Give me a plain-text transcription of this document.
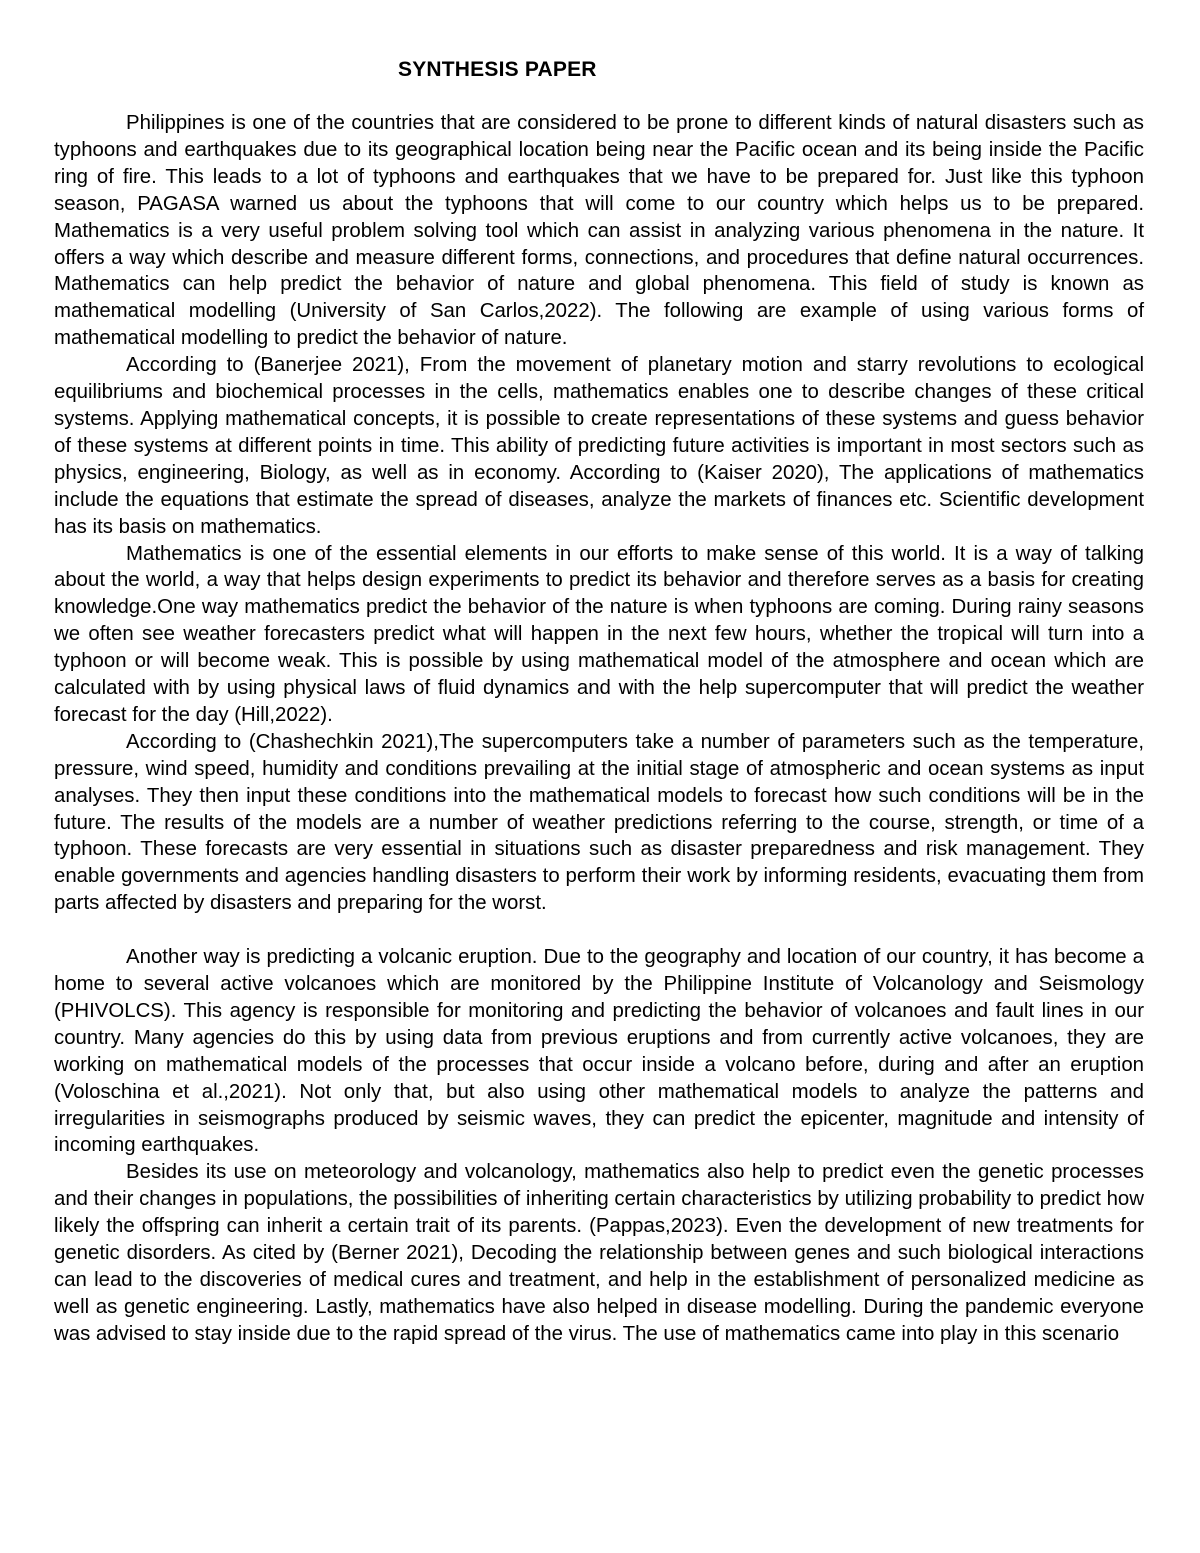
SYNTHESIS PAPER

Philippines is one of the countries that are considered to be prone to different kinds of natural disasters such as typhoons and earthquakes due to its geographical location being near the Pacific ocean and its being inside the Pacific ring of fire. This leads to a lot of typhoons and earthquakes that we have to be prepared for. Just like this typhoon season, PAGASA warned us about the typhoons that will come to our country which helps us to be prepared. Mathematics is a very useful problem solving tool which can assist in analyzing various phenomena in the nature. It offers a way which describe and measure different forms, connections, and procedures that define natural occurrences. Mathematics can help predict the behavior of nature and global phenomena. This field of study is known as mathematical modelling (University of San Carlos,2022). The following are example of using various forms of mathematical modelling to predict the behavior of nature.

According to (Banerjee 2021), From the movement of planetary motion and starry revolutions to ecological equilibriums and biochemical processes in the cells, mathematics enables one to describe changes of these critical systems. Applying mathematical concepts, it is possible to create representations of these systems and guess behavior of these systems at different points in time. This ability of predicting future activities is important in most sectors such as physics, engineering, Biology, as well as in economy. According to (Kaiser 2020), The applications of mathematics include the equations that estimate the spread of diseases, analyze the markets of finances etc. Scientific development has its basis on mathematics.

Mathematics is one of the essential elements in our efforts to make sense of this world. It is a way of talking about the world, a way that helps design experiments to predict its behavior and therefore serves as a basis for creating knowledge.One way mathematics predict the behavior of the nature is when typhoons are coming. During rainy seasons we often see weather forecasters predict what will happen in the next few hours, whether the tropical will turn into a typhoon or will become weak. This is possible by using mathematical model of the atmosphere and ocean which are calculated with by using physical laws of fluid dynamics and with the help supercomputer that will predict the weather forecast for the day (Hill,2022).

According to (Chashechkin 2021),The supercomputers take a number of parameters such as the temperature, pressure, wind speed, humidity and conditions prevailing at the initial stage of atmospheric and ocean systems as input analyses. They then input these conditions into the mathematical models to forecast how such conditions will be in the future. The results of the models are a number of weather predictions referring to the course, strength, or time of a typhoon. These forecasts are very essential in situations such as disaster preparedness and risk management. They enable governments and agencies handling disasters to perform their work by informing residents, evacuating them from parts affected by disasters and preparing for the worst.

Another way is predicting a volcanic eruption. Due to the geography and location of our country, it has become a home to several active volcanoes which are monitored by the Philippine Institute of Volcanology and Seismology (PHIVOLCS). This agency is responsible for monitoring and predicting the behavior of volcanoes and fault lines in our country. Many agencies do this by using data from previous eruptions and from currently active volcanoes, they are working on mathematical models of the processes that occur inside a volcano before, during and after an eruption (Voloschina et al.,2021). Not only that, but also using other mathematical models to analyze the patterns and irregularities in seismographs produced by seismic waves, they can predict the epicenter, magnitude and intensity of incoming earthquakes.

Besides its use on meteorology and volcanology, mathematics also help to predict even the genetic processes and their changes in populations, the possibilities of inheriting certain characteristics by utilizing probability to predict how likely the offspring can inherit a certain trait of its parents. (Pappas,2023). Even the development of new treatments for genetic disorders. As cited by (Berner 2021), Decoding the relationship between genes and such biological interactions can lead to the discoveries of medical cures and treatment, and help in the establishment of personalized medicine as well as genetic engineering. Lastly, mathematics have also helped in disease modelling. During the pandemic everyone was advised to stay inside due to the rapid spread of the virus. The use of mathematics came into play in this scenario
